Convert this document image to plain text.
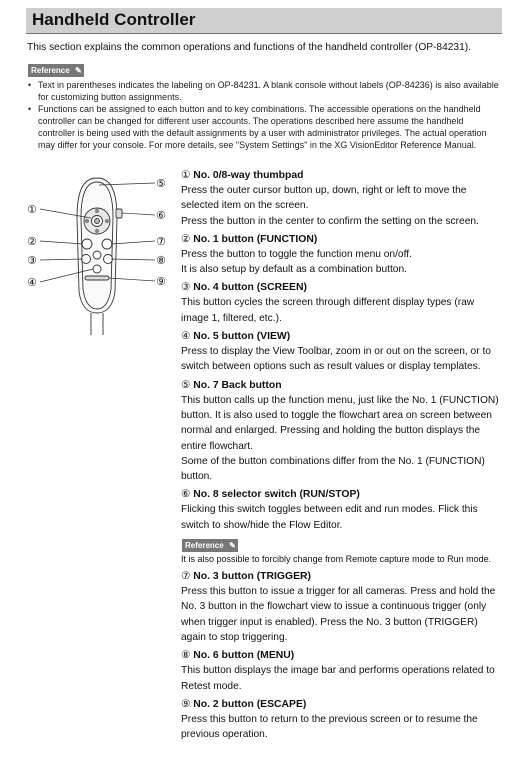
Handheld Controller
This section explains the common operations and functions of the handheld controller (OP-84231).
Reference ✎
• Text in parentheses indicates the labeling on OP-84231. A blank console without labels (OP-84236) is also available
for customizing button assignments.
• Functions can be assigned to each button and to key combinations. The accessible operations on the handheld
controller can be changed for different user accounts. The operations described here assume the handheld
controller is being used with the default assignments by a user with administrator privileges. The actual operation
may differ for your console. For more details, see "System Settings" in the XG VisionEditor Reference Manual.
①
②
③
④
⑤
⑥
⑦
⑧
⑨
① No. 0/8-way thumbpad
Press the outer cursor button up, down, right or left to move the
selected item on the screen.
Press the button in the center to confirm the setting on the screen.
② No. 1 button (FUNCTION)
Press the button to toggle the function menu on/off.
It is also setup by default as a combination button.
③ No. 4 button (SCREEN)
This button cycles the screen through different display types (raw
image 1, filtered, etc.).
④ No. 5 button (VIEW)
Press to display the View Toolbar, zoom in or out on the screen, or to
switch between options such as result values or display templates.
⑤ No. 7 Back button
This button calls up the function menu, just like the No. 1 (FUNCTION)
button. It is also used to toggle the flowchart area on screen between
normal and enlarged. Pressing and holding the button displays the
entire flowchart.
Some of the button combinations differ from the No. 1 (FUNCTION)
button.
⑥ No. 8 selector switch (RUN/STOP)
Flicking this switch toggles between edit and run modes. Flick this
switch to show/hide the Flow Editor.
Reference ✎
It is also possible to forcibly change from Remote capture mode to Run mode.
⑦ No. 3 button (TRIGGER)
Press this button to issue a trigger for all cameras. Press and hold the
No. 3 button in the flowchart view to issue a continuous trigger (only
when trigger input is enabled). Press the No. 3 button (TRIGGER)
again to stop triggering.
⑧ No. 6 button (MENU)
This button displays the image bar and performs operations related to
Retest mode.
⑨ No. 2 button (ESCAPE)
Press this button to return to the previous screen or to resume the
previous operation.
